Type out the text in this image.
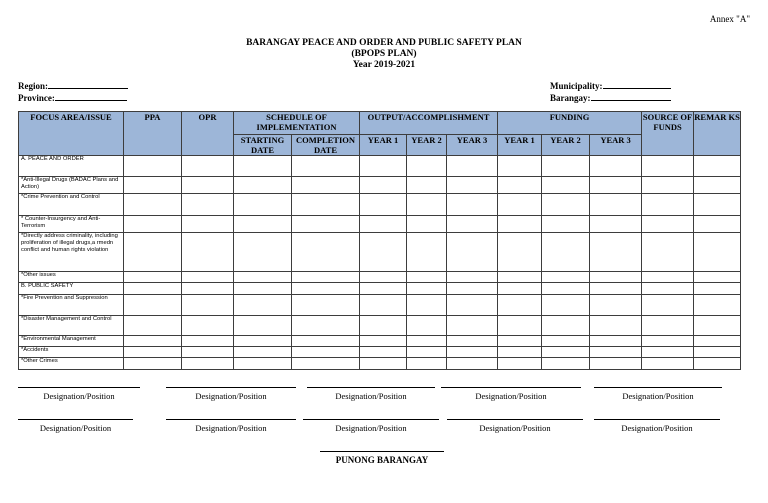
Annex "A"
BARANGAY PEACE AND ORDER AND PUBLIC SAFETY PLAN
(BPOPS PLAN)
Year 2019-2021
Region:
Province:
Municipality:
Barangay:
FOCUS AREA/ISSUE	PPA	OPR	SCHEDULE OF IMPLEMENTATION		OUTPUT/ACCOMPLISHMENT			FUNDING			SOURCE OF FUNDS	REMAR KS
			STARTING DATE	COMPLETION DATE	YEAR 1	YEAR 2	YEAR 3	YEAR 1	YEAR 2	YEAR 3		
A. PEACE AND ORDER												
*Anti-Illegal Drugs (BADAC Plans and Action)												
*Crime Prevention and Control												
* Counter-Insurgency and Anti-Terrorism												
*Directly address criminality, including proliferation of illegal drugs,a rmedn conflict and human rights violation												
*Other issues												
B. PUBLIC SAFETY												
*Fire Prevention and Suppression												
*Disaster Management and Control												
*Environmental Management												
*Accidents												
*Other Crimes												
Designation/Position	Designation/Position	Designation/Position	Designation/Position	Designation/Position
Designation/Position	Designation/Position	Designation/Position	Designation/Position	Designation/Position
PUNONG BARANGAY
